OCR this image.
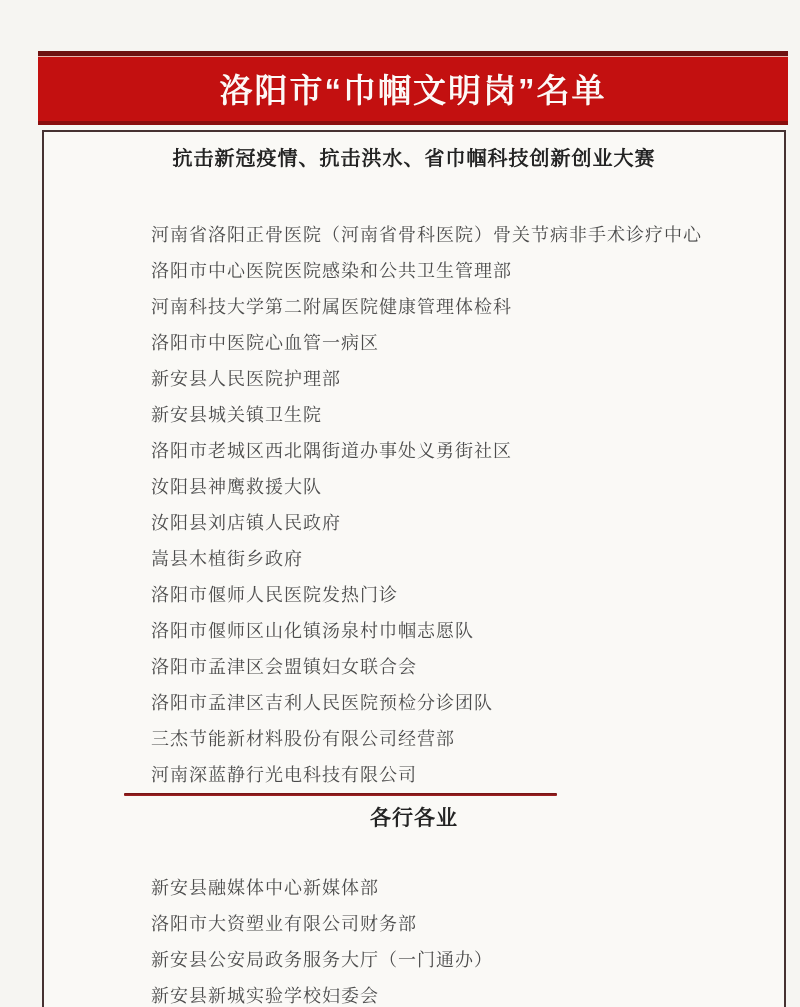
洛阳市“巾帼文明岗”名单
抗击新冠疫情、抗击洪水、省巾帼科技创新创业大赛
河南省洛阳正骨医院（河南省骨科医院）骨关节病非手术诊疗中心
洛阳市中心医院医院感染和公共卫生管理部
河南科技大学第二附属医院健康管理体检科
洛阳市中医院心血管一病区
新安县人民医院护理部
新安县城关镇卫生院
洛阳市老城区西北隅街道办事处义勇街社区
汝阳县神鹰救援大队
汝阳县刘店镇人民政府
嵩县木植街乡政府
洛阳市偃师人民医院发热门诊
洛阳市偃师区山化镇汤泉村巾帼志愿队
洛阳市孟津区会盟镇妇女联合会
洛阳市孟津区吉利人民医院预检分诊团队
三杰节能新材料股份有限公司经营部
河南深蓝静行光电科技有限公司
各行各业
新安县融媒体中心新媒体部
洛阳市大资塑业有限公司财务部
新安县公安局政务服务大厅（一门通办）
新安县新城实验学校妇委会
